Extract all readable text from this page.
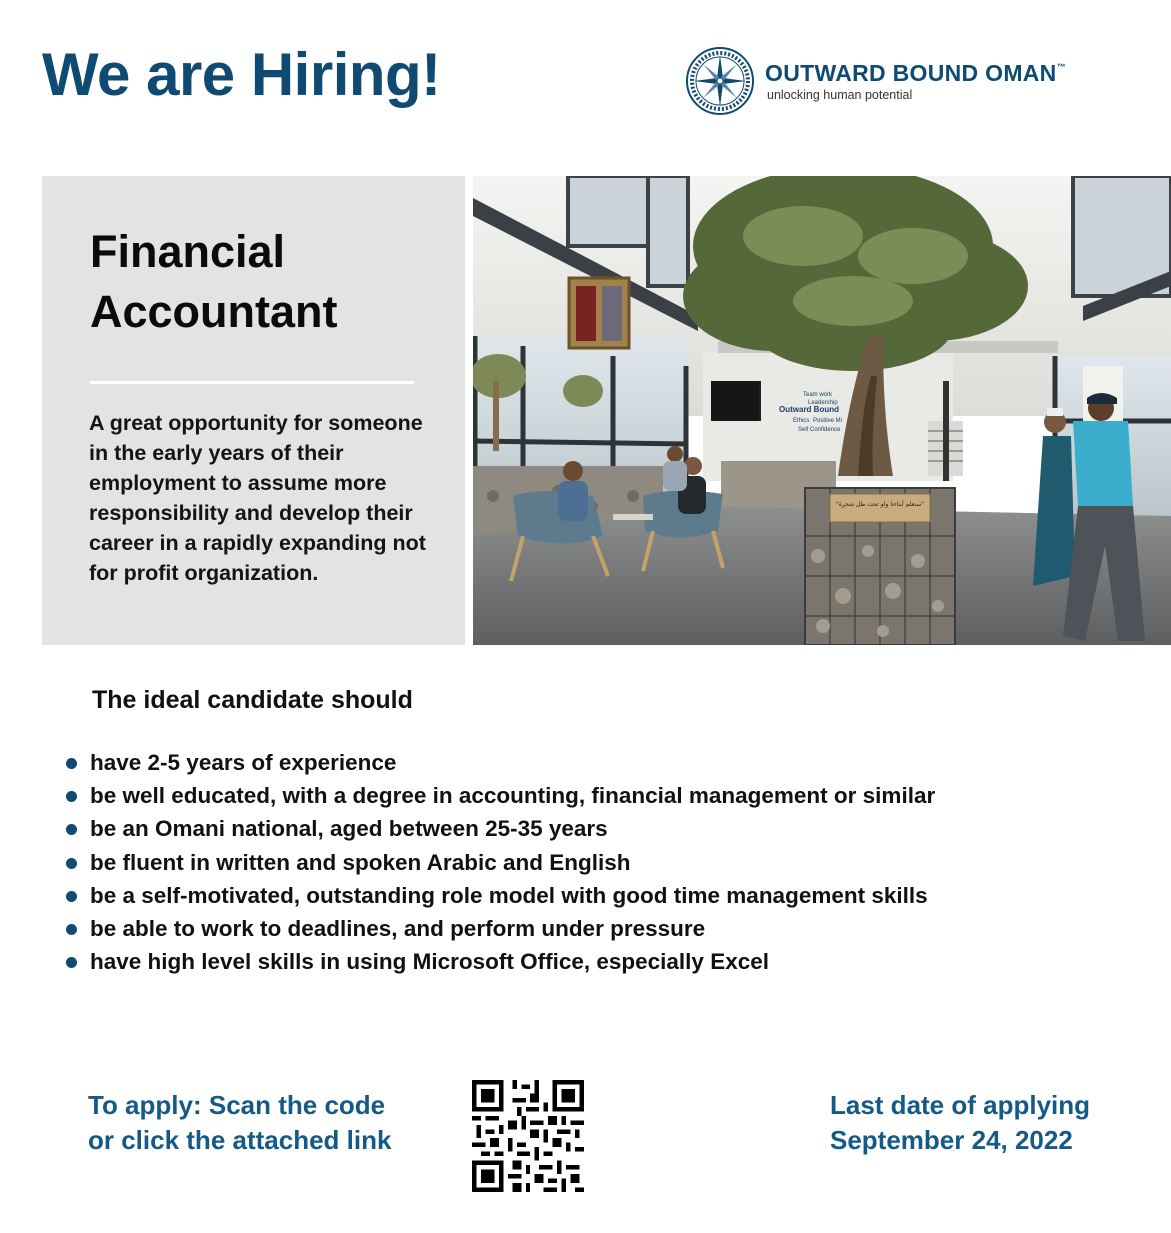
We are Hiring!	OUTWARD BOUND OMAN™
unlocking human potential
Financial
Accountant
A great opportunity for someone in the early years of their employment to assume more responsibility and develop their career in a rapidly expanding not for profit organization.
Team work
Leadership
Outward Bound
Ethics Positive Mi
Self Confidence
"سنعلم أبناءنا ولو تحت ظل شجرة"
The ideal candidate should
have 2-5 years of experience
be well educated, with a degree in accounting, financial management or similar
be an Omani national, aged between 25-35 years
be fluent in written and spoken Arabic and English
be a self-motivated, outstanding role model with good time management skills
be able to work to deadlines, and perform under pressure
have high level skills in using Microsoft Office, especially Excel
To apply: Scan the code
or click the attached link
Last date of applying
September 24, 2022
